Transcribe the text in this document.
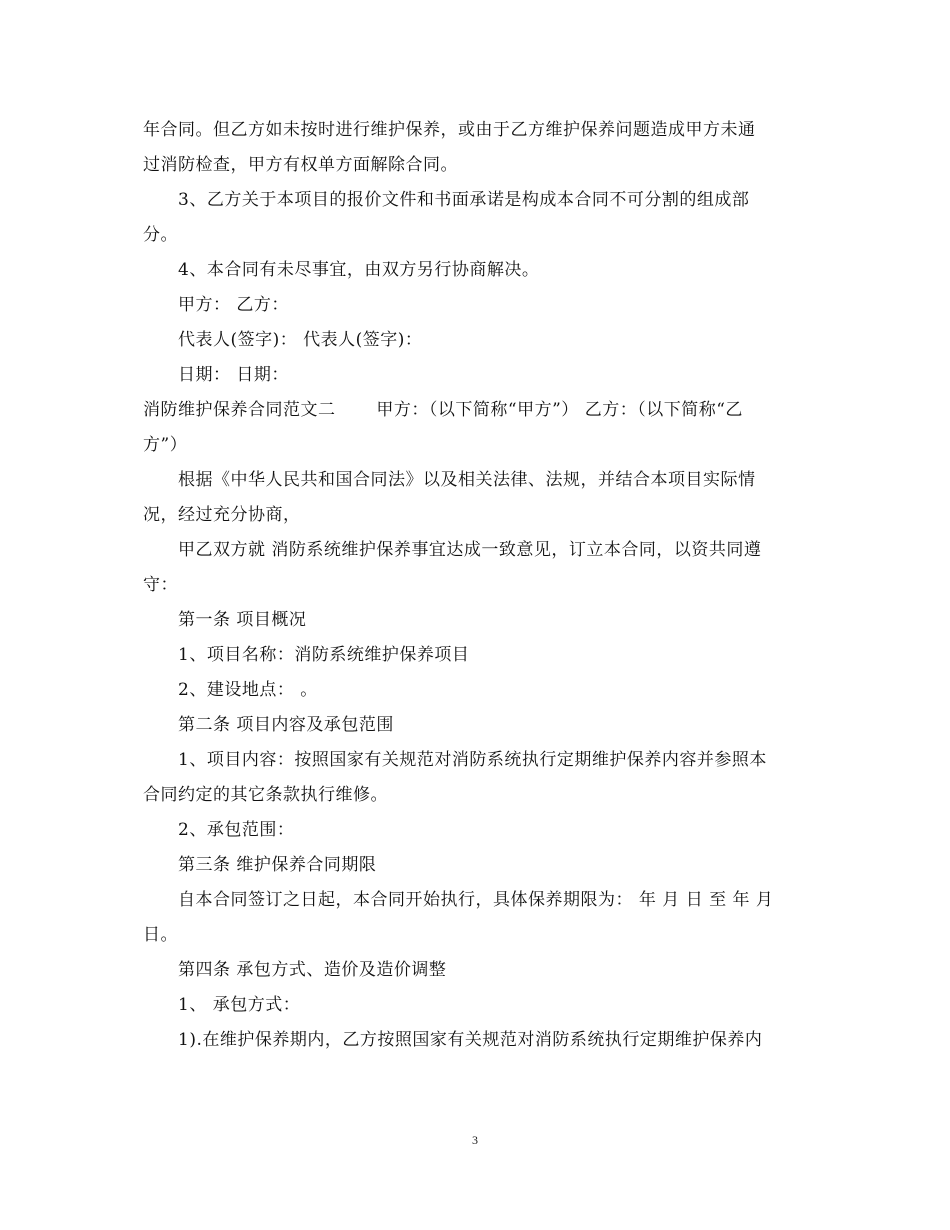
年合同。但乙方如未按时进行维护保养，或由于乙方维护保养问题造成甲方未通
过消防检查，甲方有权单方面解除合同。
3、乙方关于本项目的报价文件和书面承诺是构成本合同不可分割的组成部
分。
4、本合同有未尽事宜，由双方另行协商解决。
甲方： 乙方：
代表人(签字)： 代表人(签字)：
日期： 日期：
消防维护保养合同范文二　　 甲方：（以下简称“甲方”） 乙方：（以下简称“乙
方”）
根据《中华人民共和国合同法》以及相关法律、法规，并结合本项目实际情
况，经过充分协商，
甲乙双方就 消防系统维护保养事宜达成一致意见，订立本合同，以资共同遵
守：
第一条 项目概况
1、项目名称：消防系统维护保养项目
2、建设地点： 。
第二条 项目内容及承包范围
1、项目内容：按照国家有关规范对消防系统执行定期维护保养内容并参照本
合同约定的其它条款执行维修。
2、承包范围：
第三条 维护保养合同期限
自本合同签订之日起，本合同开始执行，具体保养期限为： 年 月 日 至 年 月
日。
第四条 承包方式、造价及造价调整
1、 承包方式：
1).在维护保养期内，乙方按照国家有关规范对消防系统执行定期维护保养内
3
